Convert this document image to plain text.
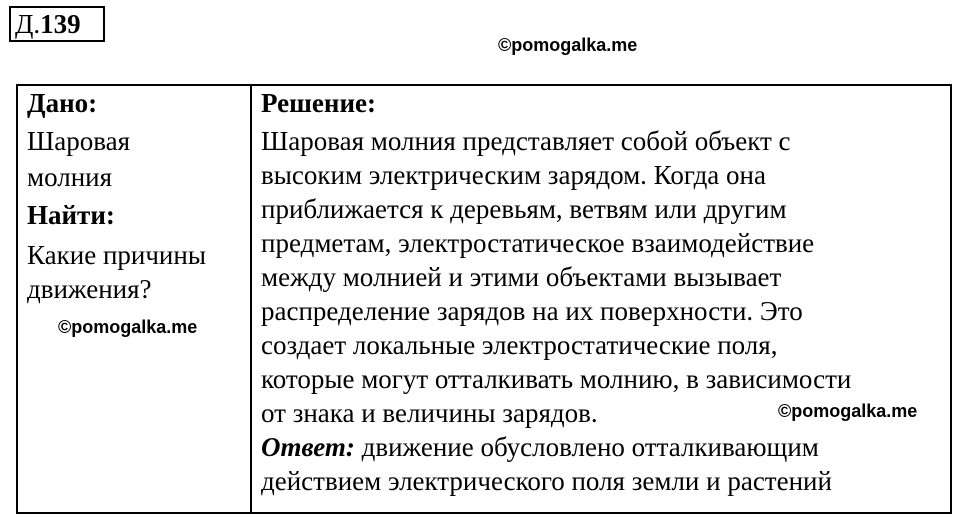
Д.139
©pomogalka.me
Дано:
Шаровая
молния
Найти:
Какие причины
движения?
©pomogalka.me
Решение:
Шаровая молния представляет собой объект с
высоким электрическим зарядом. Когда она
приближается к деревьям, ветвям или другим
предметам, электростатическое взаимодействие
между молнией и этими объектами вызывает
распределение зарядов на их поверхности. Это
создает локальные электростатические поля,
которые могут отталкивать молнию, в зависимости
от знака и величины зарядов.
Ответ: движение обусловлено отталкивающим
действием электрического поля земли и растений
©pomogalka.me
